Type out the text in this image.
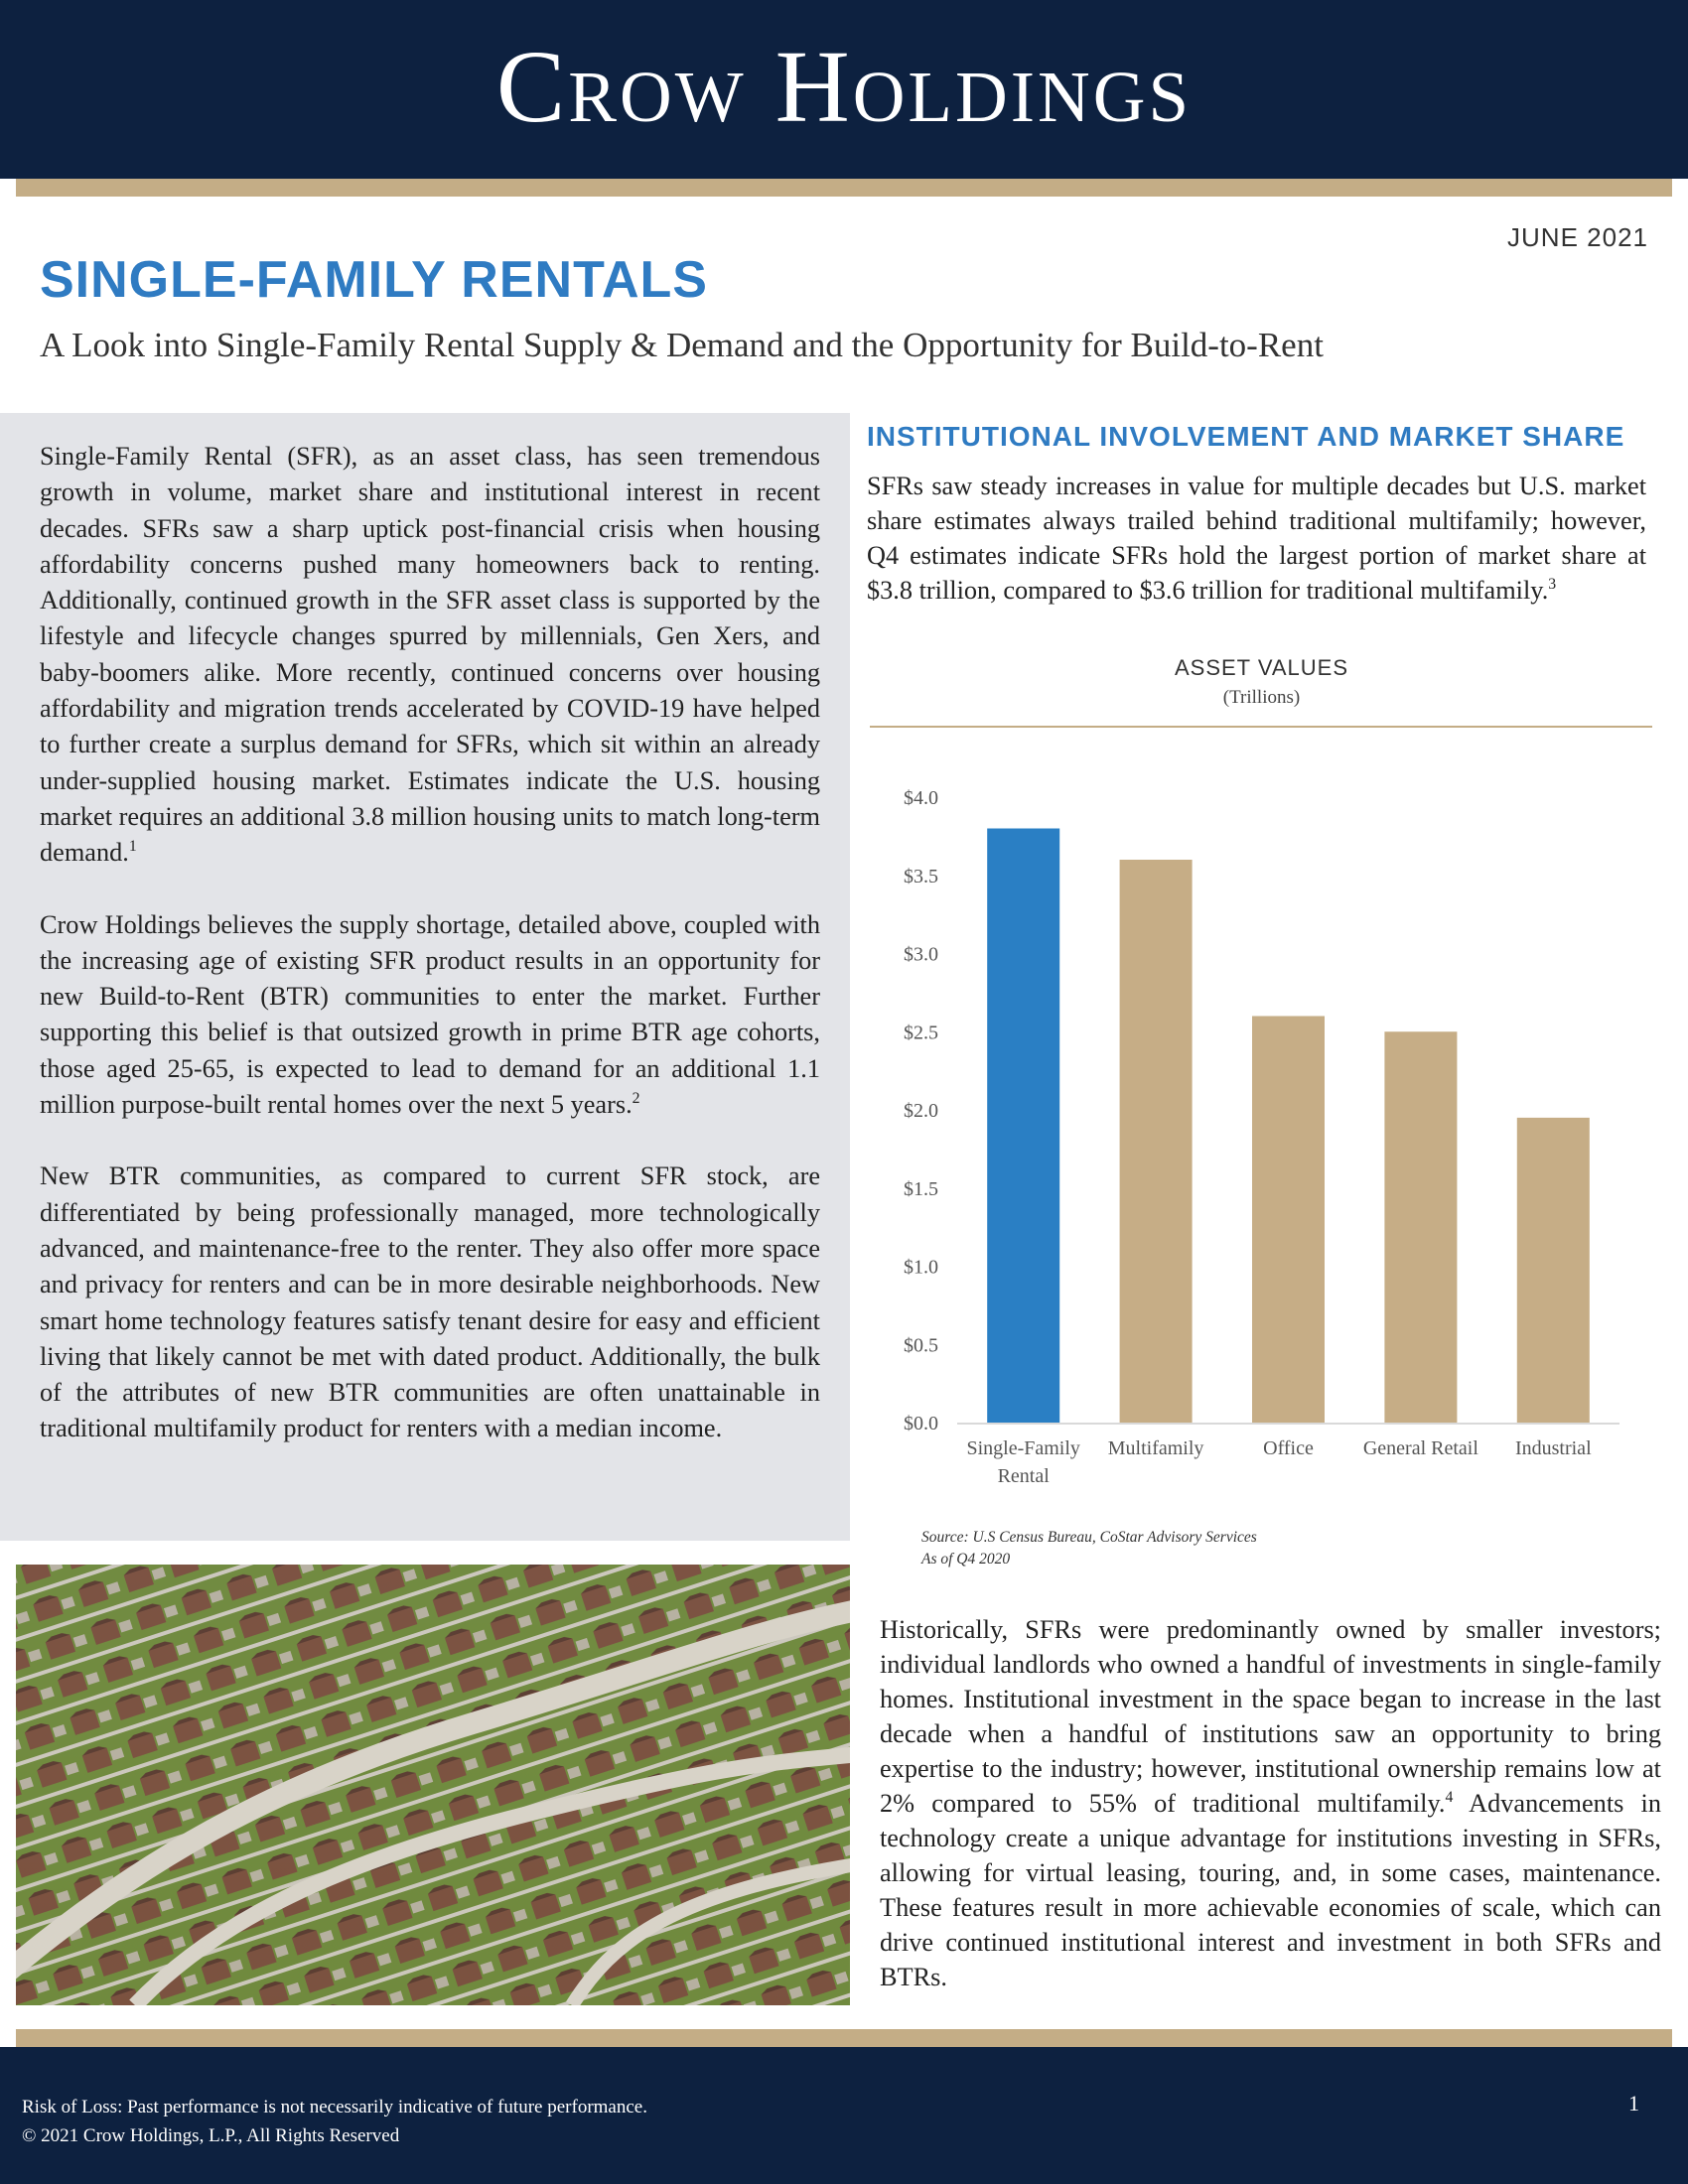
Crow Holdings
JUNE 2021
SINGLE-FAMILY RENTALS
A Look into Single-Family Rental Supply & Demand and the Opportunity for Build-to-Rent

Single-Family Rental (SFR), as an asset class, has seen tremendous growth in volume, market share and institutional interest in recent decades. SFRs saw a sharp uptick post-financial crisis when housing affordability concerns pushed many homeowners back to renting. Additionally, continued growth in the SFR asset class is supported by the lifestyle and lifecycle changes spurred by millennials, Gen Xers, and baby-boomers alike. More recently, continued concerns over housing affordability and migration trends accelerated by COVID-19 have helped to further create a surplus demand for SFRs, which sit within an already under-supplied housing market. Estimates indicate the U.S. housing market requires an additional 3.8 million housing units to match long-term demand.$^1$

Crow Holdings believes the supply shortage, detailed above, coupled with the increasing age of existing SFR product results in an opportunity for new Build-to-Rent (BTR) communities to enter the market. Further supporting this belief is that outsized growth in prime BTR age cohorts, those aged 25-65, is expected to lead to demand for an additional 1.1 million purpose-built rental homes over the next 5 years.$^2$

New BTR communities, as compared to current SFR stock, are differentiated by being professionally managed, more technologically advanced, and maintenance-free to the renter. They also offer more space and privacy for renters and can be in more desirable neighborhoods. New smart home technology features satisfy tenant desire for easy and efficient living that likely cannot be met with dated product. Additionally, the bulk of the attributes of new BTR communities are often unattainable in traditional multifamily product for renters with a median income.

INSTITUTIONAL INVOLVEMENT AND MARKET SHARE

SFRs saw steady increases in value for multiple decades but U.S. market share estimates always trailed behind traditional multifamily; however, Q4 estimates indicate SFRs hold the largest portion of market share at $3.8 trillion, compared to $3.6 trillion for traditional multifamily.$^3$

ASSET VALUES
(Trillions)
$0.0
$0.5
$1.0
$1.5
$2.0
$2.5
$3.0
$3.5
$4.0
Single-Family
Rental
Multifamily	Office	General Retail Industrial
Source: U.S Census Bureau, CoStar Advisory Services
As of Q4 2020

Historically, SFRs were predominantly owned by smaller investors; individual landlords who owned a handful of investments in single-family homes. Institutional investment in the space began to increase in the last decade when a handful of institutions saw an opportunity to bring expertise to the industry; however, institutional ownership remains low at 2% compared to 55% of traditional multifamily.$^4$ Advancements in technology create a unique advantage for institutions investing in SFRs, allowing for virtual leasing, touring, and, in some cases, maintenance. These features result in more achievable economies of scale, which can drive continued institutional interest and investment in both SFRs and BTRs.

Risk of Loss: Past performance is not necessarily indicative of future performance.
© 2021 Crow Holdings, L.P., All Rights Reserved
1
